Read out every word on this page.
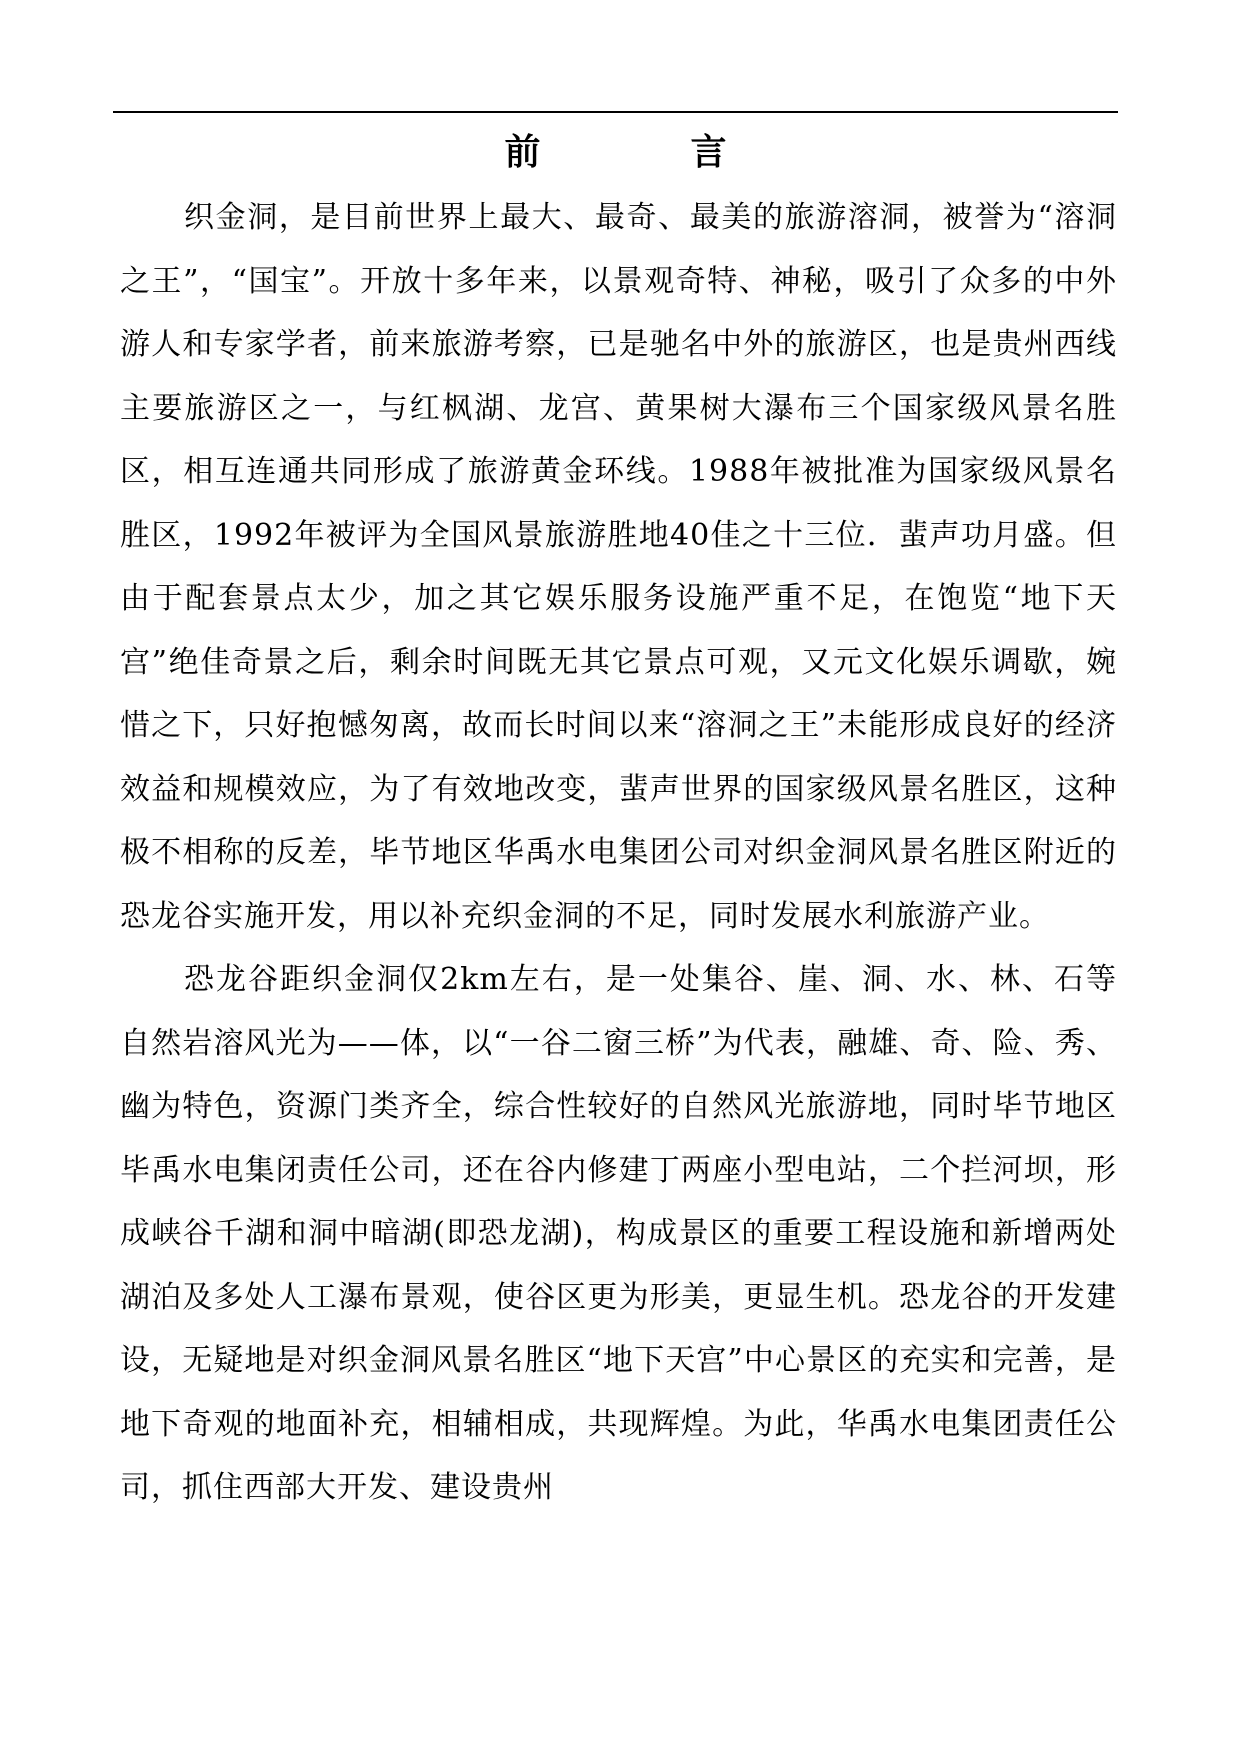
前言

织金洞，是目前世界上最大、最奇、最美的旅游溶洞，被誉为“溶洞之王”，“国宝”。开放十多年来，以景观奇特、神秘，吸引了众多的中外游人和专家学者，前来旅游考察，已是驰名中外的旅游区，也是贵州西线主要旅游区之一，与红枫湖、龙宫、黄果树大瀑布三个国家级风景名胜区，相互连通共同形成了旅游黄金环线。1988年被批准为国家级风景名胜区，1992年被评为全国风景旅游胜地40佳之十三位．蜚声功月盛。但由于配套景点太少，加之其它娱乐服务设施严重不足，在饱览“地下天宫”绝佳奇景之后，剩余时间既无其它景点可观，又元文化娱乐调歇，婉惜之下，只好抱憾匆离，故而长时间以来“溶洞之王”未能形成良好的经济效益和规模效应，为了有效地改变，蜚声世界的国家级风景名胜区，这种极不相称的反差，毕节地区华禹水电集团公司对织金洞风景名胜区附近的恐龙谷实施开发，用以补充织金洞的不足，同时发展水利旅游产业。

恐龙谷距织金洞仅2km左右，是一处集谷、崖、洞、水、林、石等自然岩溶风光为——体，以“一谷二窗三桥”为代表，融雄、奇、险、秀、幽为特色，资源门类齐全，综合性较好的自然风光旅游地，同时毕节地区毕禹水电集闭责任公司，还在谷内修建丁两座小型电站，二个拦河坝，形成峡谷千湖和洞中暗湖(即恐龙湖)，构成景区的重要工程设施和新增两处湖泊及多处人工瀑布景观，使谷区更为形美，更显生机。恐龙谷的开发建设，无疑地是对织金洞风景名胜区“地下天宫”中心景区的充实和完善，是地下奇观的地面补充，相辅相成，共现辉煌。为此，华禹水电集团责任公司，抓住西部大开发、建设贵州
